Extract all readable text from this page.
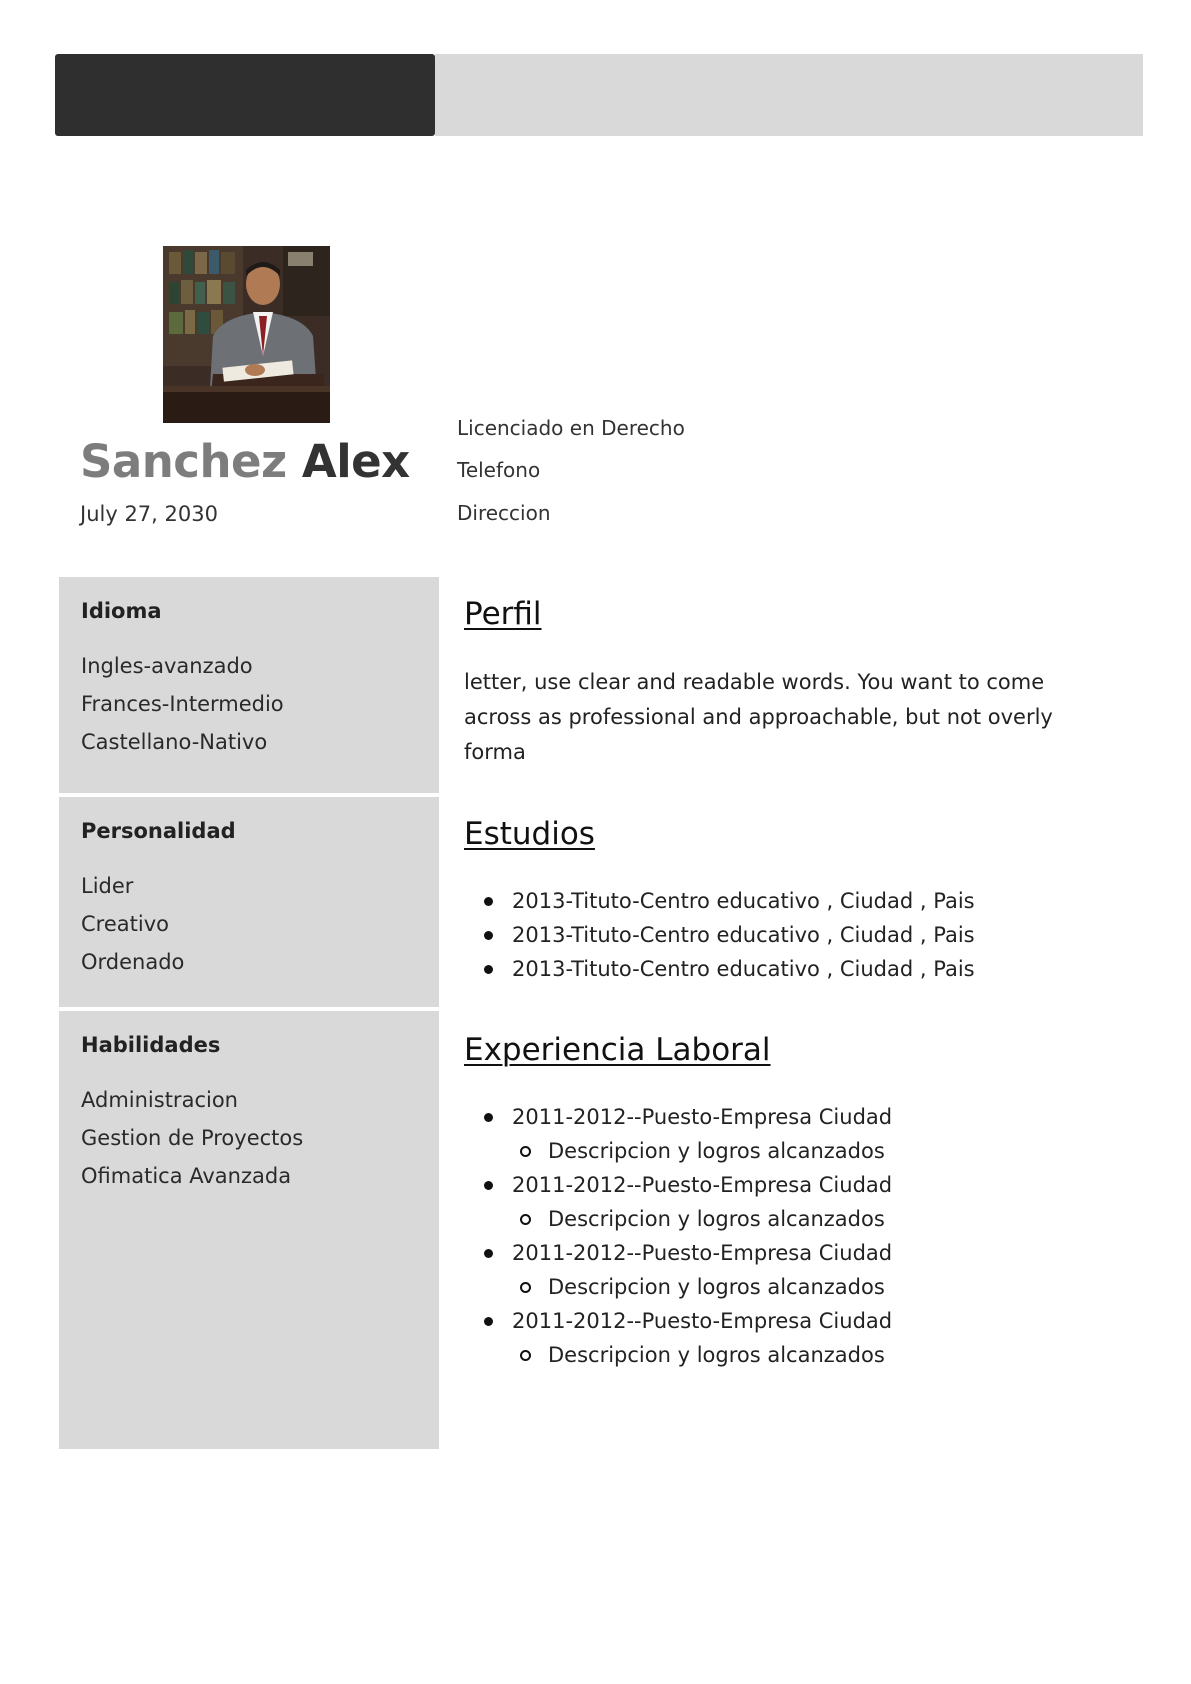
Sanchez Alex
July 27, 2030
Licenciado en Derecho
Telefono
Direccion
Idioma
Ingles-avanzado
Frances-Intermedio
Castellano-Nativo
Personalidad
Lider
Creativo
Ordenado
Habilidades
Administracion
Gestion de Proyectos
Ofimatica Avanzada
Perfil

letter, use clear and readable words. You want to come across as professional and approachable, but not overly forma

Estudios
2013-Tituto-Centro educativo , Ciudad , Pais
2013-Tituto-Centro educativo , Ciudad , Pais
2013-Tituto-Centro educativo , Ciudad , Pais
Experiencia Laboral
2011-2012--Puesto-Empresa Ciudad
Descripcion y logros alcanzados
2011-2012--Puesto-Empresa Ciudad
Descripcion y logros alcanzados
2011-2012--Puesto-Empresa Ciudad
Descripcion y logros alcanzados
2011-2012--Puesto-Empresa Ciudad
Descripcion y logros alcanzados
